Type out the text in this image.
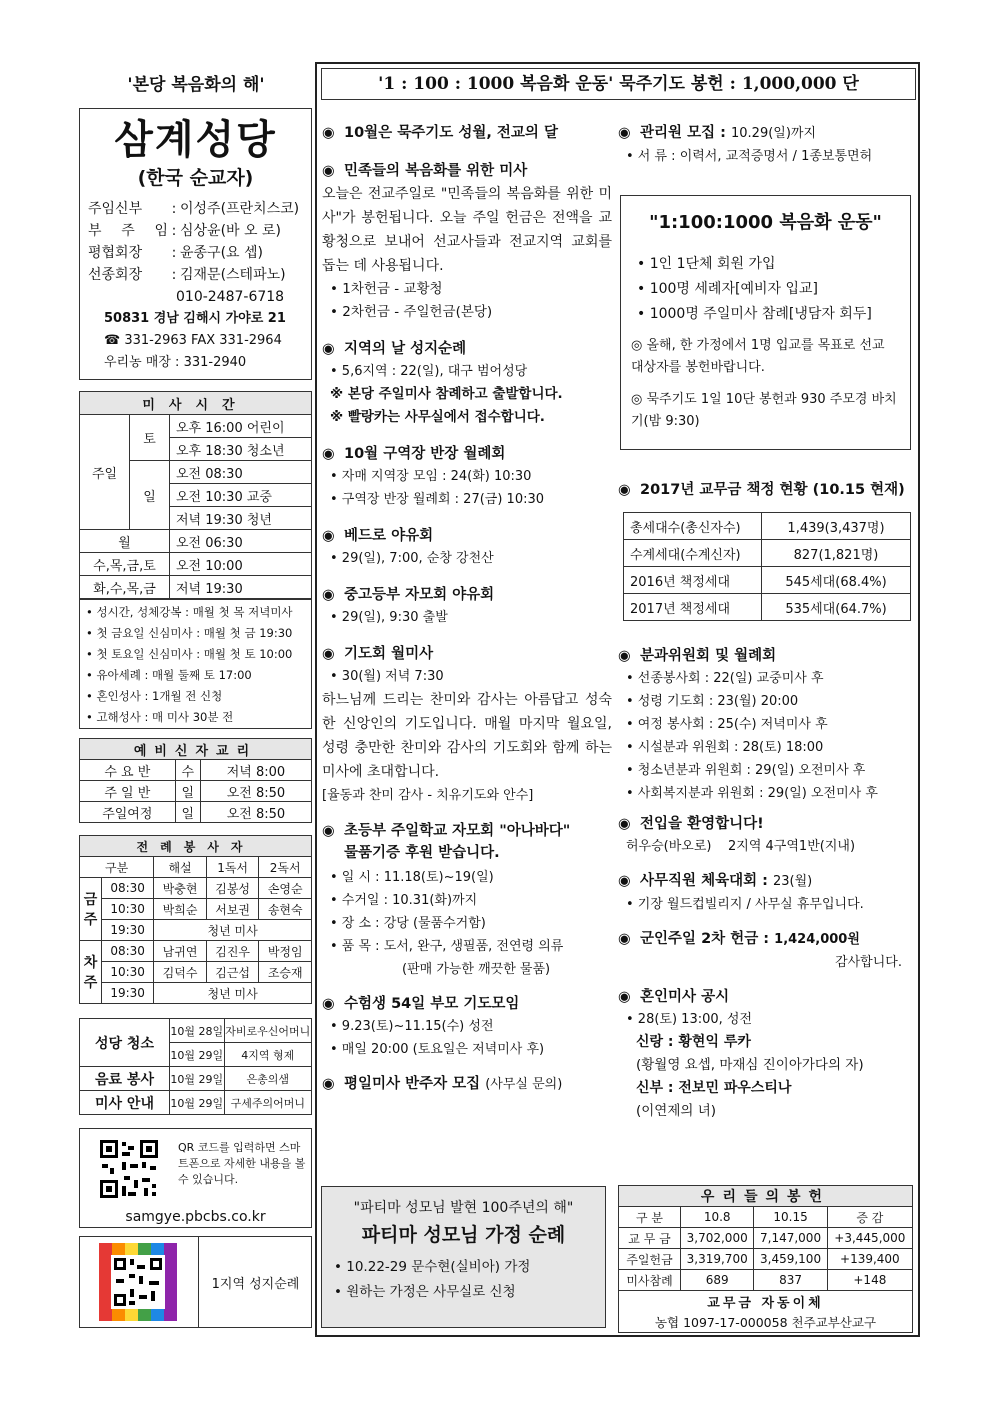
'본당 복음화의 해'
삼계성당
(한국 순교자)
주임신부	: 이성주(프란치스코)
부 주 임 : 심상윤(바 오 로)
평협회장	: 윤종구(요 셉)
선종회장	: 김재문(스테파노)
010-2487-6718
50831 경남 김해시 가야로 21
☎ 331-2963 FAX 331-2964
우리농 매장 : 331-2940
미사시간		
주일	토	오후 16:00 어린이
		오후 18:30 청소년
	일	오전 08:30
		오전 10:30 교중
		저녁 19:30 청년
월		오전 06:30
수,목,금,토		오전 10:00
화,수,목,금		저녁 19:30
• 성시간, 성체강복 : 매월 첫 목 저녁미사
• 첫 금요일 신심미사 : 매월 첫 금 19:30
• 첫 토요일 신심미사 : 매월 첫 토 10:00
• 유아세례 : 매월 둘째 토 17:00
• 혼인성사 : 1개월 전 신청
• 고해성사 : 매 미사 30분 전
예비신자교리		
수 요 반	수	저녁 8:00
주 일 반	일	오전 8:50
주일여정	일	오전 8:50
전례봉사자				
구분		해설	1독서	2독서
금주	08:30	박충현	김봉성	손영순
	10:30	박희순	서보권	송현숙
	19:30	청년 미사		
차주	08:30	남귀연	김진우	박정임
	10:30	김덕수	김근섭	조승재
	19:30	청년 미사		
성당 청소	10월 28일	자비로우신어머니
	10월 29일	4지역 형제
음료 봉사	10월 29일	은총의샘
미사 안내	10월 29일	구세주의어머니
QR 코드를 입력하면 스마트폰으로 자세한 내용을 볼 수 있습니다.
samgye.pbcbs.co.kr
1지역 성지순례
'1 : 100 : 1000 복음화 운동' 묵주기도 봉헌 : 1,000,000 단
◉ 10월은 묵주기도 성월, 전교의 달
◉ 민족들의 복음화를 위한 미사
오늘은 전교주일로 "민족들의 복음화를 위한 미사"가 봉헌됩니다. 오늘 주일 헌금은 전액을 교황청으로 보내어 선교사들과 전교지역 교회를 돕는 데 사용됩니다.
• 1차헌금 - 교황청
• 2차헌금 - 주일헌금(본당)
◉ 지역의 날 성지순례
• 5,6지역 : 22(일), 대구 범어성당
※ 본당 주일미사 참례하고 출발합니다.
※ 빨랑카는 사무실에서 접수합니다.
◉ 10월 구역장 반장 월례회
• 자매 지역장 모임 : 24(화) 10:30
• 구역장 반장 월례회 : 27(금) 10:30
◉ 베드로 야유회
• 29(일), 7:00, 순창 강천산
◉ 중고등부 자모회 야유회
• 29(일), 9:30 출발
◉ 기도회 월미사
• 30(월) 저녁 7:30
하느님께 드리는 찬미와 감사는 아름답고 성숙한 신앙인의 기도입니다. 매월 마지막 월요일, 성령 충만한 찬미와 감사의 기도회와 함께 하는 미사에 초대합니다.
[율동과 찬미 감사 - 치유기도와 안수]
◉ 초등부 주일학교 자모회 "아나바다"
물품기증 후원 받습니다.
• 일 시 : 11.18(토)~19(일)
• 수거일 : 10.31(화)까지
• 장 소 : 강당 (물품수거함)
• 품 목 : 도서, 완구, 생필품, 전연령 의류
(판매 가능한 깨끗한 물품)
◉ 수험생 54일 부모 기도모임
• 9.23(토)~11.15(수) 성전
• 매일 20:00 (토요일은 저녁미사 후)
◉ 평일미사 반주자 모집 (사무실 문의)
"파티마 성모님 발현 100주년의 해"
파티마 성모님 가정 순례
• 10.22-29 문수현(실비아) 가정
• 원하는 가정은 사무실로 신청
◉ 관리원 모집 : 10.29(일)까지
• 서 류 : 이력서, 교적증명서 / 1종보통면허
"1:100:1000 복음화 운동"
• 1인 1단체 회원 가입
• 100명 세례자[예비자 입교]
• 1000명 주일미사 참례[냉담자 회두]
◎ 올해, 한 가정에서 1명 입교를 목표로 선교 대상자를 봉헌바랍니다.
◎ 묵주기도 1일 10단 봉헌과 930 주모경 바치기(밤 9:30)
◉ 2017년 교무금 책정 현황 (10.15 현재)
총세대수(총신자수)	1,439(3,437명)
수계세대(수계신자)	827(1,821명)
2016년 책정세대	545세대(68.4%)
2017년 책정세대	535세대(64.7%)
◉ 분과위원회 및 월례회
• 선종봉사회 : 22(일) 교중미사 후
• 성령 기도회 : 23(월) 20:00
• 여정 봉사회 : 25(수) 저녁미사 후
• 시설분과 위원회 : 28(토) 18:00
• 청소년분과 위원회 : 29(일) 오전미사 후
• 사회복지분과 위원회 : 29(일) 오전미사 후
◉ 전입을 환영합니다!
허우승(바오로)    2지역 4구역1반(지내)
◉ 사무직원 체육대회 : 23(월)
• 기장 월드컵빌리지 / 사무실 휴무입니다.
◉ 군인주일 2차 헌금 : 1,424,000원
감사합니다.
◉ 혼인미사 공시
• 28(토) 13:00, 성전
신랑 : 황현익 루카
(황월영 요셉, 마재심 진이아가다의 자)
신부 : 전보민 파우스티나
(이연제의 녀)
우리들의봉헌			
구 분	10.8	10.15	증 감
교 무 금	3,702,000	7,147,000	+3,445,000
주일헌금	3,319,700	3,459,100	+139,400
미사참례	689	837	+148
교무금 자동이체			
농협 1097-17-000058 천주교부산교구			
